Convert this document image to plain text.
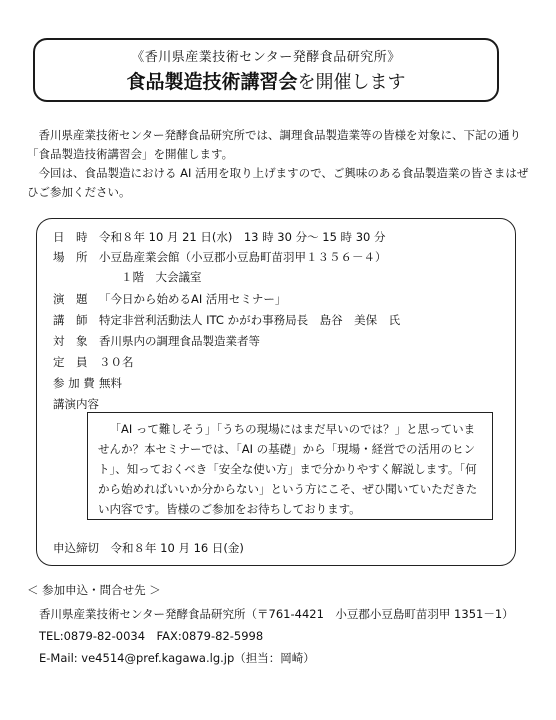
《香川県産業技術センター発酵食品研究所》
食品製造技術講習会を開催します

香川県産業技術センター発酵食品研究所では、調理食品製造業等の皆様を対象に、下記の通り「食品製造技術講習会」を開催します。

今回は、食品製造における AI 活用を取り上げますので、ご興味のある食品製造業の皆さまはぜひご参加ください。

日　時 令和８年 10 月 21 日(水)　13 時 30 分～ 15 時 30 分
場　所 小豆島産業会館（小豆郡小豆島町苗羽甲１３５６－４）
１階　大会議室
演　題 「今日から始めるAI 活用セミナー」
講　師 特定非営利活動法人 ITC かがわ事務局長　島谷　美保　氏
対　象 香川県内の調理食品製造業者等
定　員 ３０名
参 加 費 無料
講演内容
「AI って難しそう」「うちの現場にはまだ早いのでは？」と思っていませんか？本セミナーでは、「AI の基礎」から「現場・経営での活用のヒント」、知っておくべき「安全な使い方」まで分かりやすく解説します。「何から始めればいいか分からない」という方にこそ、ぜひ聞いていただきたい内容です。皆様のご参加をお待ちしております。
申込締切　令和８年 10 月 16 日(金)
＜ 参加申込・問合せ先 ＞
香川県産業技術センター発酵食品研究所（〒761-4421　小豆郡小豆島町苗羽甲 1351－1）
TEL:0879-82-0034　FAX:0879-82-5998
E-Mail: ve4514@pref.kagawa.lg.jp（担当：岡崎）
